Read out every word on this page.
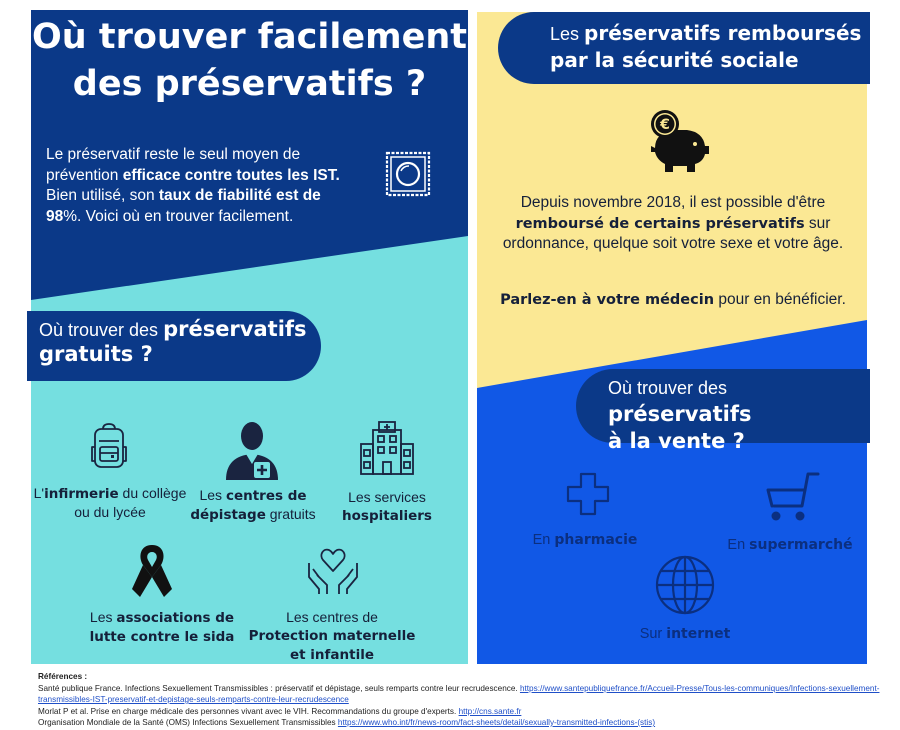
Où trouver facilement
des préservatifs ?
Le préservatif reste le seul moyen de prévention efficace contre toutes les IST. Bien utilisé, son taux de fiabilité est de 98%. Voici où en trouver facilement.
Où trouver des préservatifs
gratuits ?
L'infirmerie du collège ou du lycée
Les centres de dépistage gratuits
Les services
hospitaliers
Les associations de lutte contre le sida
Les centres de Protection maternelle et infantile
Les préservatifs remboursés
par la sécurité sociale
€
Depuis novembre 2018, il est possible d'être remboursé de certains préservatifs sur ordonnance, quelque soit votre sexe et votre âge.
Parlez-en à votre médecin pour en bénéficier.
Où trouver des préservatifs
à la vente ?
En pharmacie	En supermarché
Sur internet
Références :
Santé publique France. Infections Sexuellement Transmissibles : préservatif et dépistage, seuls remparts contre leur recrudescence. https://www.santepubliquefrance.fr/Accueil-Presse/Tous-les-communiques/Infections-sexuellement-transmissibles-IST-preservatif-et-depistage-seuls-remparts-contre-leur-recrudescence
Morlat P et al. Prise en charge médicale des personnes vivant avec le VIH. Recommandations du groupe d'experts. http://cns.sante.fr
Organisation Mondiale de la Santé (OMS) Infections Sexuellement Transmissibles https://www.who.int/fr/news-room/fact-sheets/detail/sexually-transmitted-infections-(stis)
